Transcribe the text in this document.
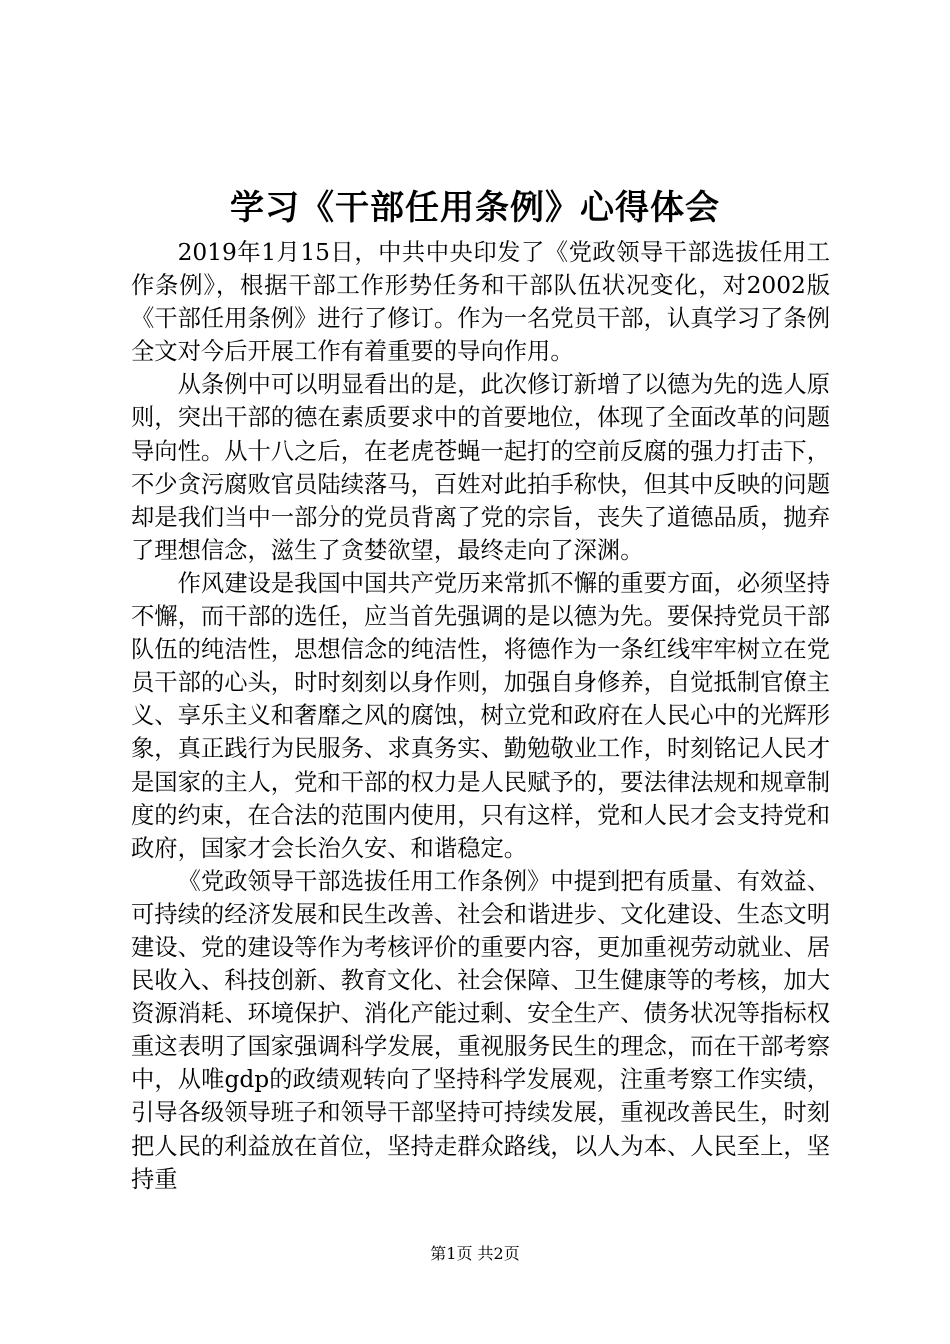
学习《干部任用条例》心得体会

2019年1月15日，中共中央印发了《党政领导干部选拔任用工作条例》，根据干部工作形势任务和干部队伍状况变化，对2002版《干部任用条例》进行了修订。作为一名党员干部，认真学习了条例全文对今后开展工作有着重要的导向作用。

从条例中可以明显看出的是，此次修订新增了以德为先的选人原则，突出干部的德在素质要求中的首要地位，体现了全面改革的问题导向性。从十八之后，在老虎苍蝇一起打的空前反腐的强力打击下，不少贪污腐败官员陆续落马，百姓对此拍手称快，但其中反映的问题却是我们当中一部分的党员背离了党的宗旨，丧失了道德品质，抛弃了理想信念，滋生了贪婪欲望，最终走向了深渊。

作风建设是我国中国共产党历来常抓不懈的重要方面，必须坚持不懈，而干部的选任，应当首先强调的是以德为先。要保持党员干部队伍的纯洁性，思想信念的纯洁性，将德作为一条红线牢牢树立在党员干部的心头，时时刻刻以身作则，加强自身修养，自觉抵制官僚主义、享乐主义和奢靡之风的腐蚀，树立党和政府在人民心中的光辉形象，真正践行为民服务、求真务实、勤勉敬业工作，时刻铭记人民才是国家的主人，党和干部的权力是人民赋予的，要法律法规和规章制度的约束，在合法的范围内使用，只有这样，党和人民才会支持党和政府，国家才会长治久安、和谐稳定。

《党政领导干部选拔任用工作条例》中提到把有质量、有效益、可持续的经济发展和民生改善、社会和谐进步、文化建设、生态文明建设、党的建设等作为考核评价的重要内容，更加重视劳动就业、居民收入、科技创新、教育文化、社会保障、卫生健康等的考核，加大资源消耗、环境保护、消化产能过剩、安全生产、债务状况等指标权重这表明了国家强调科学发展，重视服务民生的理念，而在干部考察中，从唯gdp的政绩观转向了坚持科学发展观，注重考察工作实绩，引导各级领导班子和领导干部坚持可持续发展，重视改善民生，时刻把人民的利益放在首位，坚持走群众路线，以人为本、人民至上，坚持重

第1页 共2页
